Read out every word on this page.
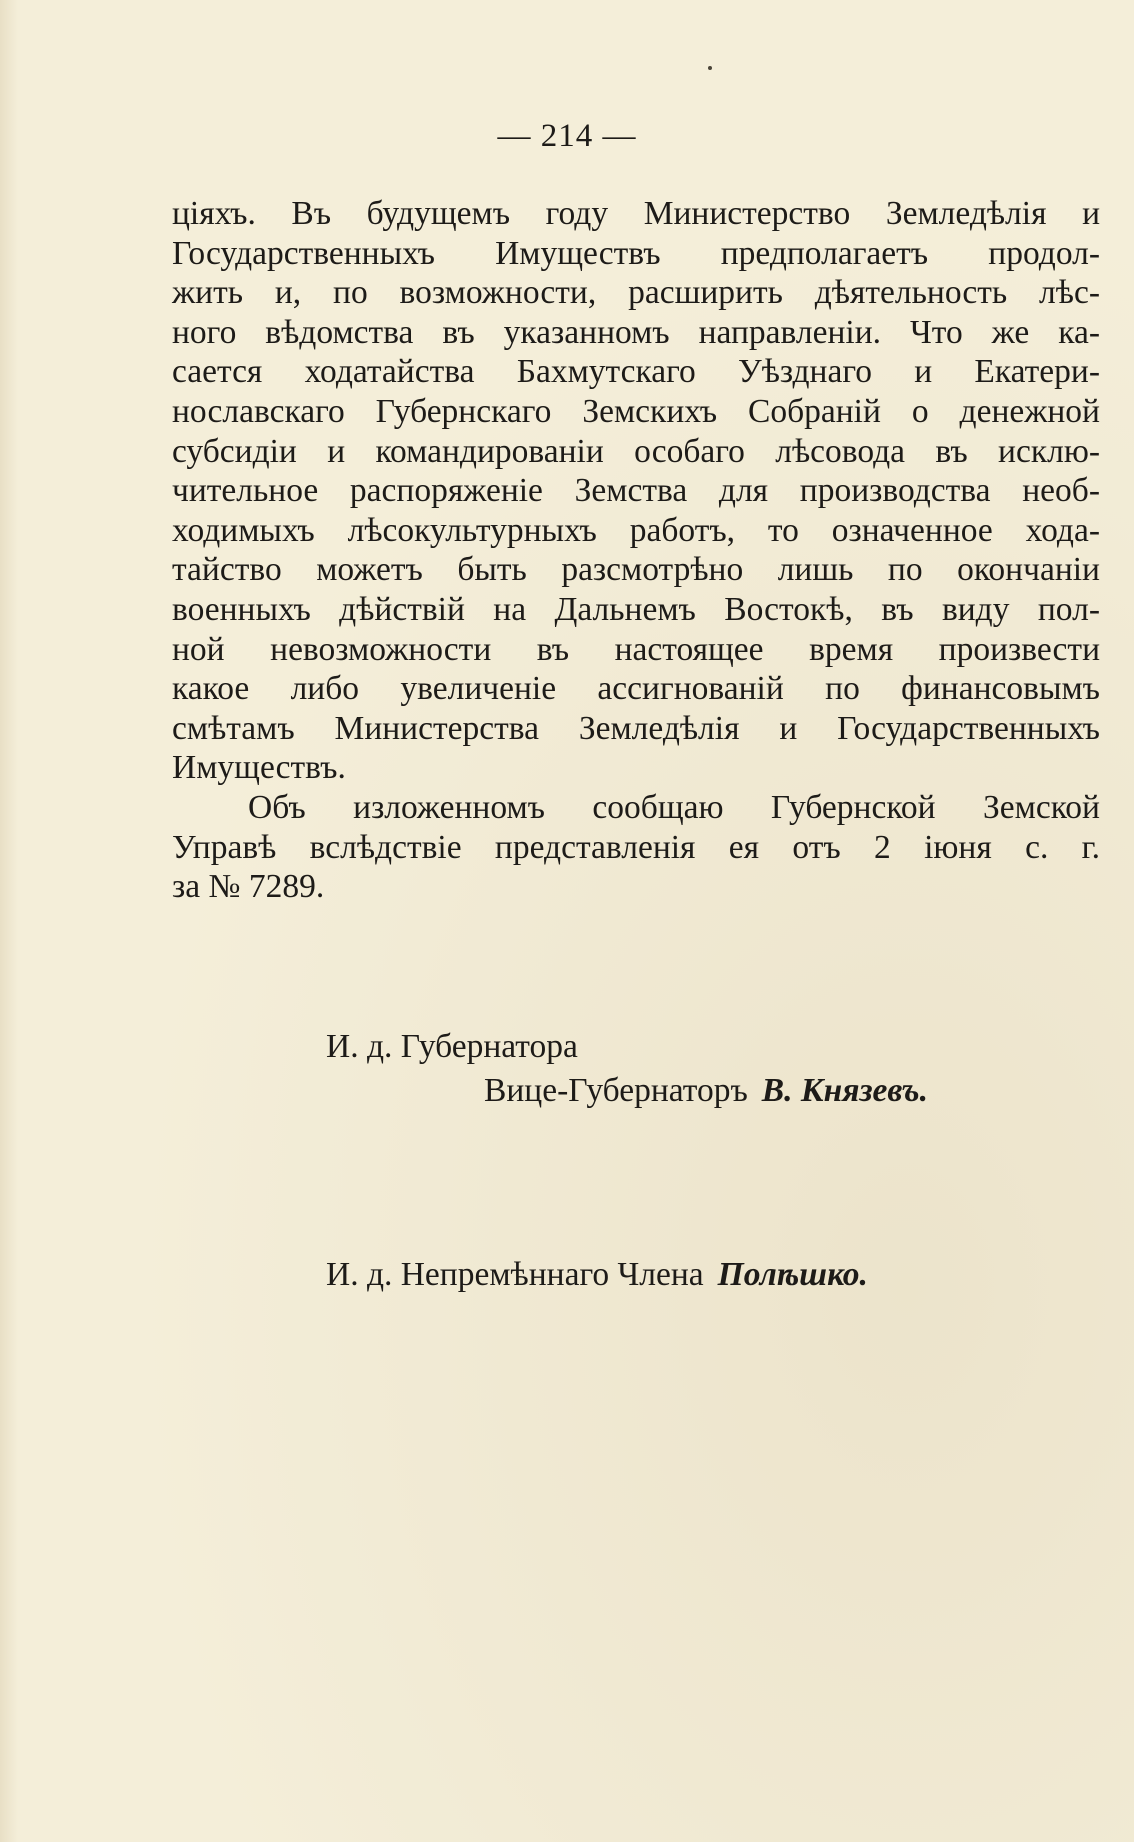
— 214 —
цiяхъ. Въ будущемъ году Министерство Земледѣлiя и
Государственныхъ Имуществъ предполагаетъ продол-
жить и, по возможности, расширить дѣятельность лѣс-
ного вѣдомства въ указанномъ направленiи. Что же ка-
сается ходатайства Бахмутскаго Уѣзднаго и Екатери-
нославскаго Губернскаго Земскихъ Собранiй о денежной
субсидiи и командированiи особаго лѣсовода въ исклю-
чительное распоряженiе Земства для производства необ-
ходимыхъ лѣсокультурныхъ работъ, то означенное хода-
тайство можетъ быть разсмотрѣно лишь по окончанiи
военныхъ дѣйствiй на Дальнемъ Востокѣ, въ виду пол-
ной невозможности въ настоящее время произвести
какое либо увеличенiе ассигнованiй по финансовымъ
смѣтамъ Министерства Земледѣлiя и Государственныхъ
Имуществъ.
Объ изложенномъ сообщаю Губернской Земской
Управѣ вслѣдствiе представленiя ея отъ 2 iюня с. г.
за № 7289.
И. д. Губернатора
Вице-Губернаторъ В. Князевъ.
И. д. Непремѣннаго Члена Полѣшко.
